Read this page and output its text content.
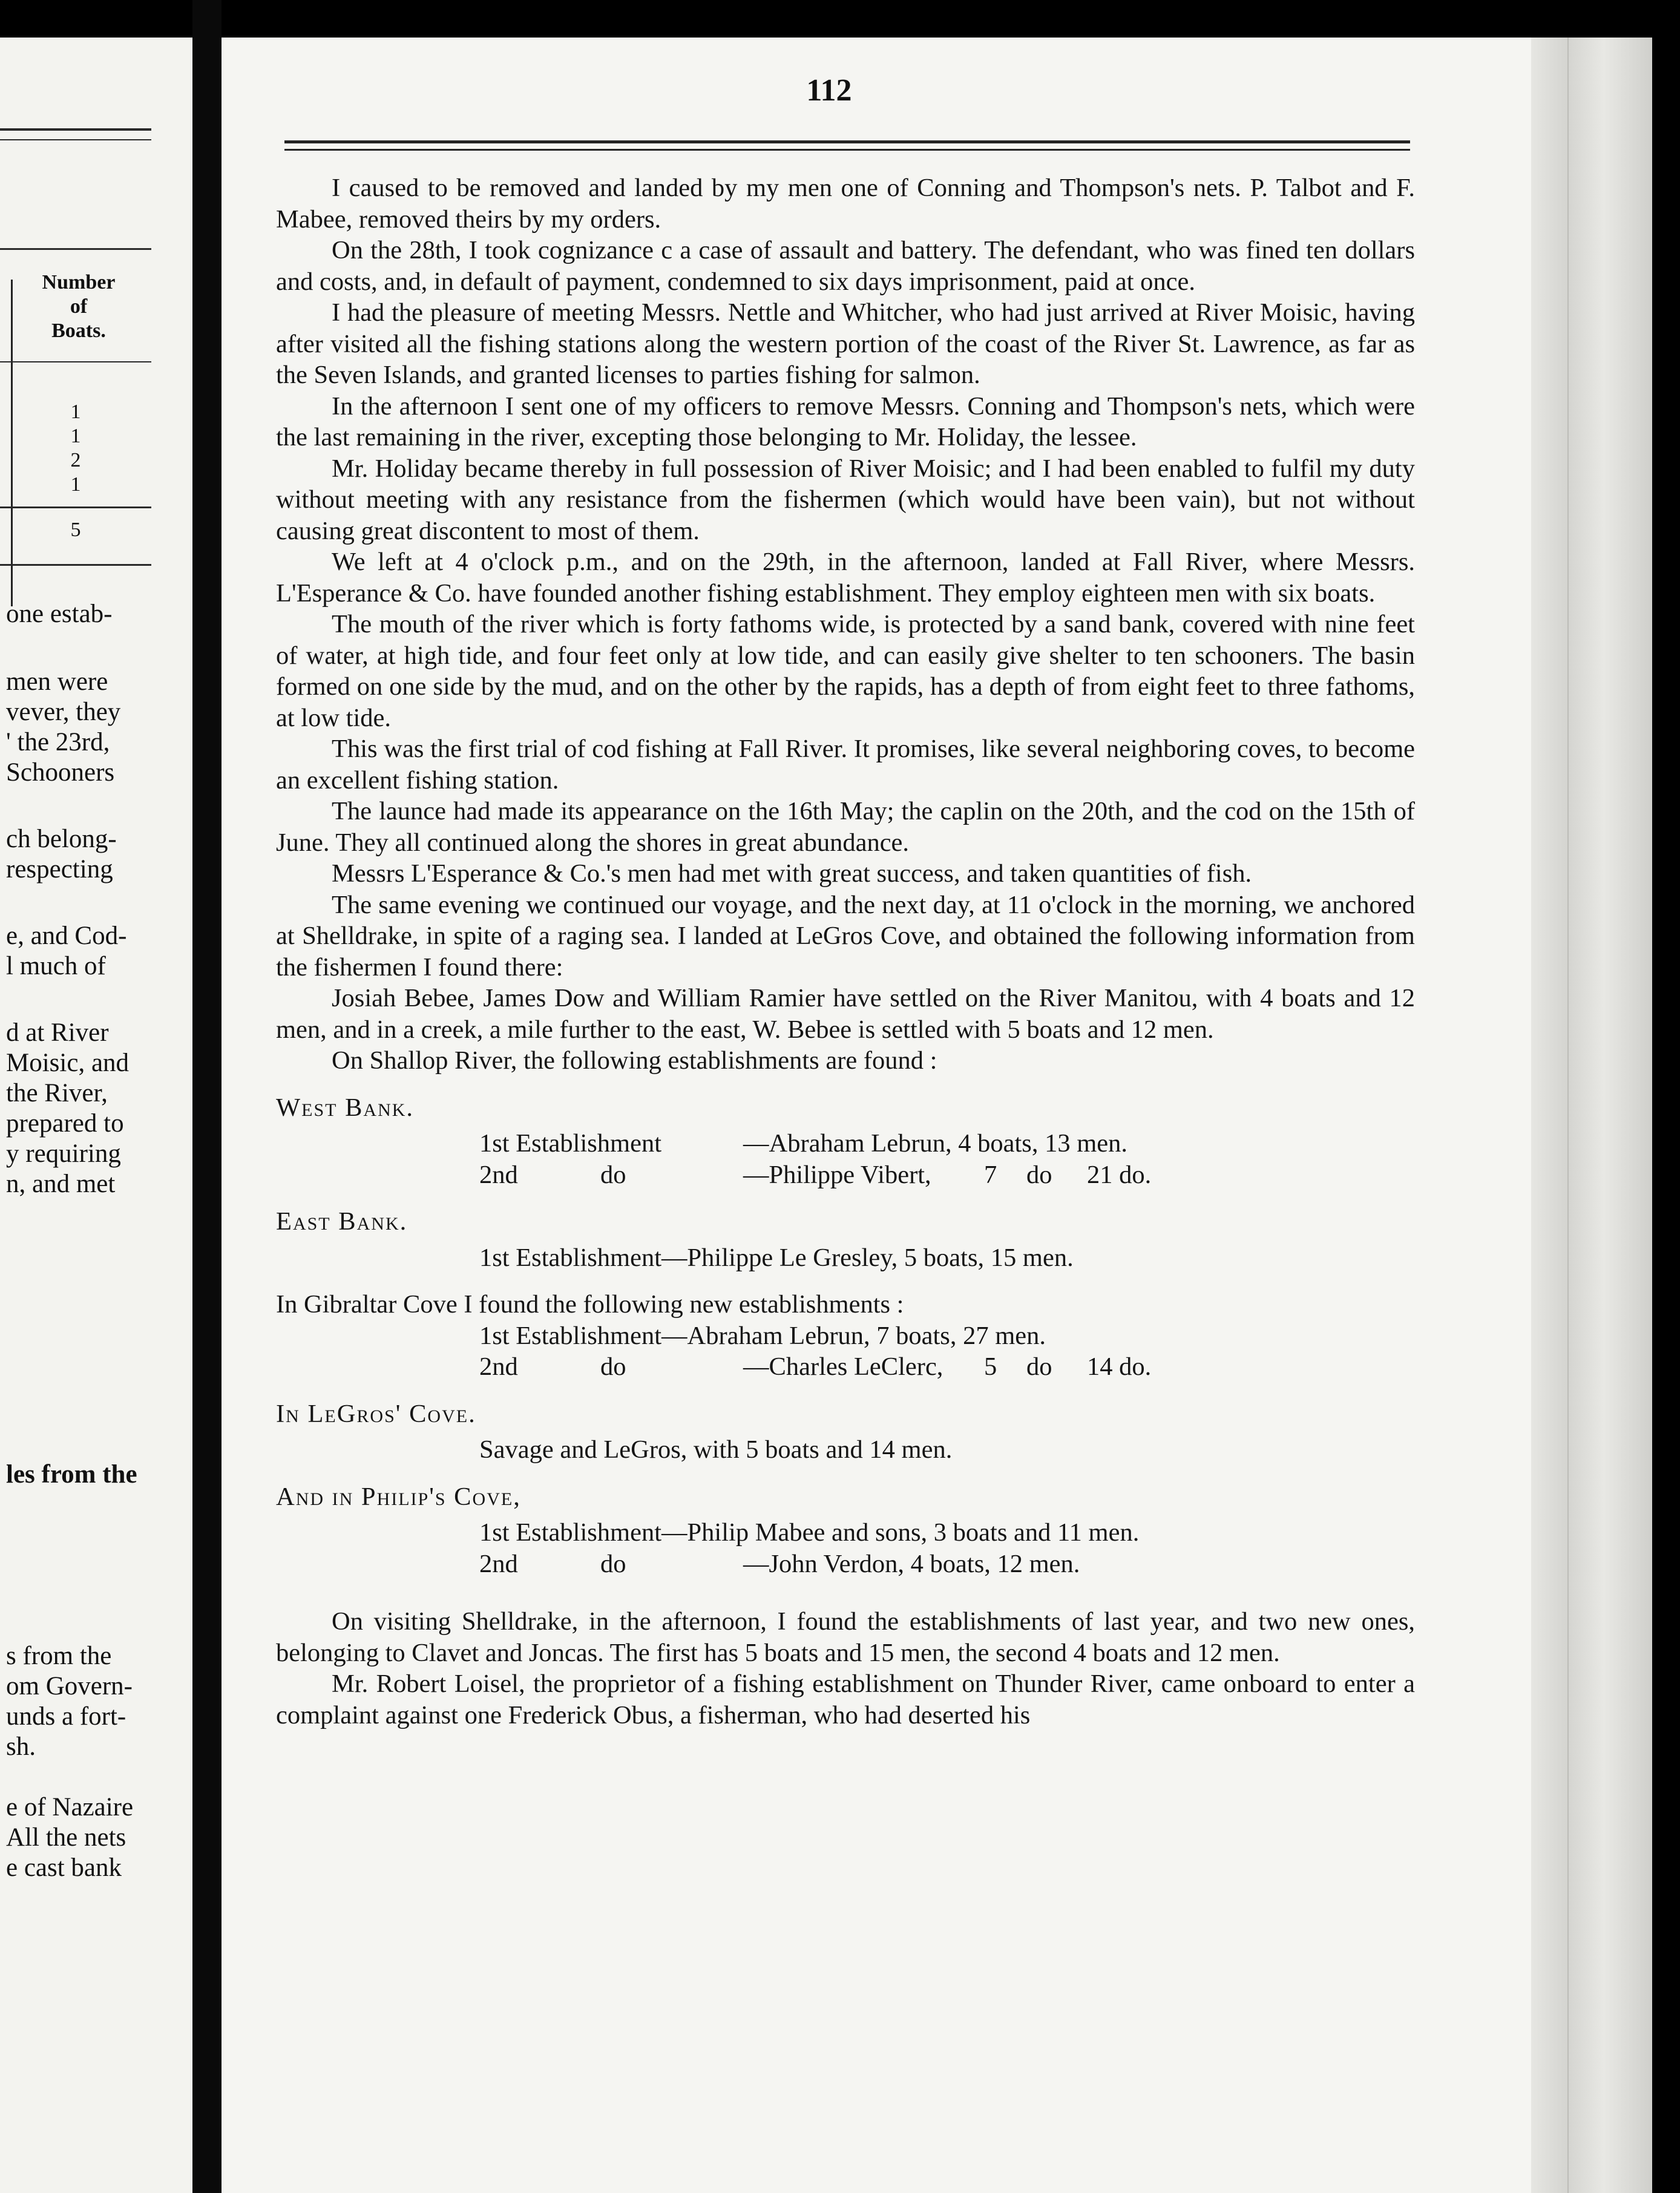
Number
of
Boats.
1
1
2
1
5
one estab-
men were
vever, they
' the 23rd,
Schooners
ch belong-
respecting
e, and Cod-
l much of
d at River
Moisic, and
the River,
prepared to
y requiring
n, and met
les from the
s from the
om Govern-
unds a fort-
sh.
e of Nazaire
All the nets
e cast bank
112

I caused to be removed and landed by my men one of Conning and Thompson's nets. P. Talbot and F. Mabee, removed theirs by my orders.

On the 28th, I took cognizance c a case of assault and battery. The defendant, who was fined ten dollars and costs, and, in default of payment, condemned to six days imprisonment, paid at once.

I had the pleasure of meeting Messrs. Nettle and Whitcher, who had just arrived at River Moisic, having after visited all the fishing stations along the western portion of the coast of the River St. Lawrence, as far as the Seven Islands, and granted licenses to parties fishing for salmon.

In the afternoon I sent one of my officers to remove Messrs. Conning and Thompson's nets, which were the last remaining in the river, excepting those belonging to Mr. Holiday, the lessee.

Mr. Holiday became thereby in full possession of River Moisic; and I had been enabled to fulfil my duty without meeting with any resistance from the fishermen (which would have been vain), but not without causing great discontent to most of them.

We left at 4 o'clock p.m., and on the 29th, in the afternoon, landed at Fall River, where Messrs. L'Esperance & Co. have founded another fishing establishment. They employ eighteen men with six boats.

The mouth of the river which is forty fathoms wide, is protected by a sand bank, covered with nine feet of water, at high tide, and four feet only at low tide, and can easily give shelter to ten schooners. The basin formed on one side by the mud, and on the other by the rapids, has a depth of from eight feet to three fathoms, at low tide.

This was the first trial of cod fishing at Fall River. It promises, like several neighboring coves, to become an excellent fishing station.

The launce had made its appearance on the 16th May; the caplin on the 20th, and the cod on the 15th of June. They all continued along the shores in great abundance.

Messrs L'Esperance & Co.'s men had met with great success, and taken quantities of fish.

The same evening we continued our voyage, and the next day, at 11 o'clock in the morning, we anchored at Shelldrake, in spite of a raging sea. I landed at LeGros Cove, and obtained the following information from the fishermen I found there:

Josiah Bebee, James Dow and William Ramier have settled on the River Manitou, with 4 boats and 12 men, and in a creek, a mile further to the east, W. Bebee is settled with 5 boats and 12 men.

On Shallop River, the following establishments are found :

West Bank.

1st Establishment	—Abraham Lebrun, 4 boats, 13 men.
2nd	do	—Philippe Vibert, 7 do 21 do.

East Bank.

1st Establishment—Philippe Le Gresley, 5 boats, 15 men.

In Gibraltar Cove I found the following new establishments :

1st Establishment—Abraham Lebrun, 7 boats, 27 men.
2nd	do	—Charles LeClerc, 5 do 14 do.

In LeGros' Cove.

Savage and LeGros, with 5 boats and 14 men.

And in Philip's Cove,

1st Establishment—Philip Mabee and sons, 3 boats and 11 men.
2nd	do	—John Verdon, 4 boats, 12 men.

On visiting Shelldrake, in the afternoon, I found the establishments of last year, and two new ones, belonging to Clavet and Joncas. The first has 5 boats and 15 men, the second 4 boats and 12 men.

Mr. Robert Loisel, the proprietor of a fishing establishment on Thunder River, came onboard to enter a complaint against one Frederick Obus, a fisherman, who had deserted his
